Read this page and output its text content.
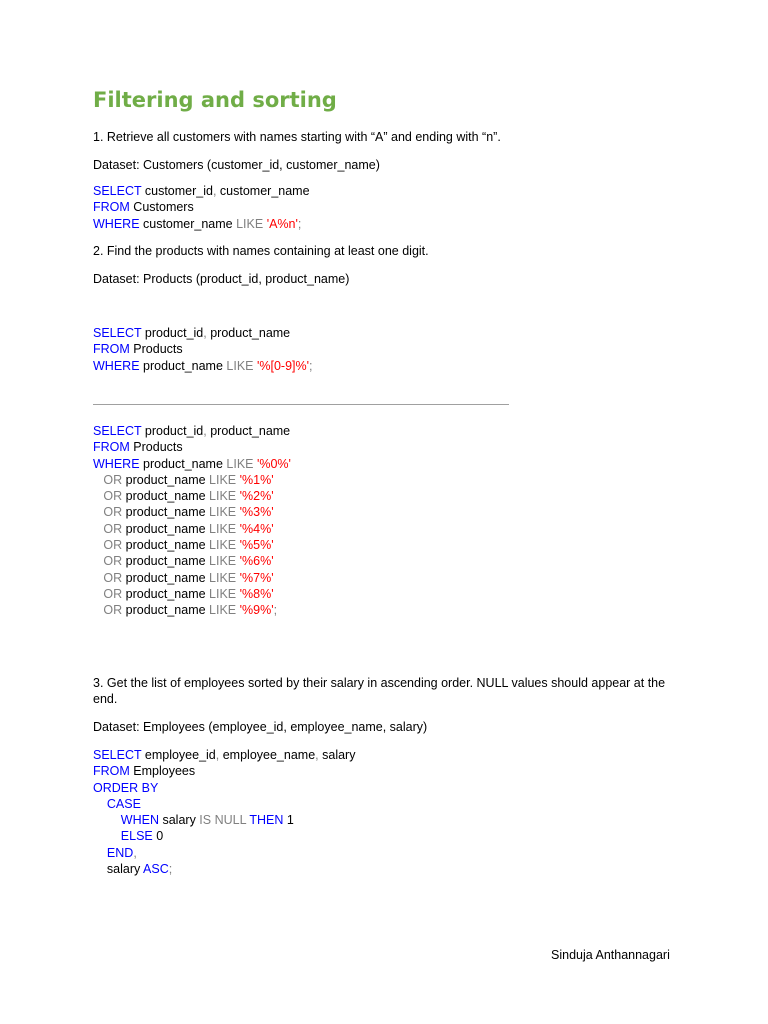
Filtering and sorting
1. Retrieve all customers with names starting with “A” and ending with “n”.
Dataset: Customers (customer_id, customer_name)
SELECT customer_id, customer_name
FROM Customers
WHERE customer_name LIKE 'A%n';
2. Find the products with names containing at least one digit.
Dataset: Products (product_id, product_name)
SELECT product_id, product_name
FROM Products
WHERE product_name LIKE '%[0-9]%';
SELECT product_id, product_name
FROM Products
WHERE product_name LIKE '%0%'
OR product_name LIKE '%1%'
OR product_name LIKE '%2%'
OR product_name LIKE '%3%'
OR product_name LIKE '%4%'
OR product_name LIKE '%5%'
OR product_name LIKE '%6%'
OR product_name LIKE '%7%'
OR product_name LIKE '%8%'
OR product_name LIKE '%9%';
3. Get the list of employees sorted by their salary in ascending order. NULL values should appear at the end.
Dataset: Employees (employee_id, employee_name, salary)
SELECT employee_id, employee_name, salary
FROM Employees
ORDER BY
CASE
WHEN salary IS NULL THEN 1
ELSE 0
END,
salary ASC;
Sinduja Anthannagari
